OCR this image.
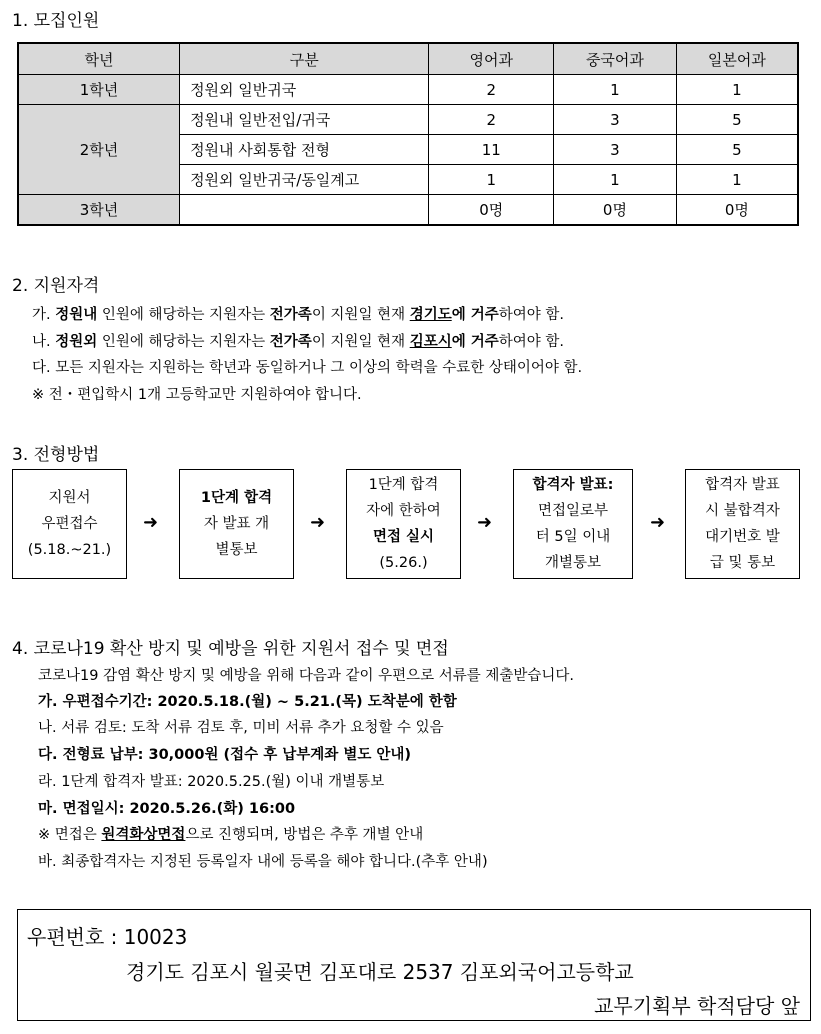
1. 모집인원
학년	구분	영어과	중국어과	일본어과
1학년	정원외 일반귀국	2	1	1
2학년	정원내 일반전입/귀국	2	3	5
	정원내 사회통합 전형	11	3	5
	정원외 일반귀국/동일계고	1	1	1
3학년		0명	0명	0명
2. 지원자격
가. 정원내 인원에 해당하는 지원자는 전가족이 지원일 현재 경기도에 거주하여야 함.
나. 정원외 인원에 해당하는 지원자는 전가족이 지원일 현재 김포시에 거주하여야 함.
다. 모든 지원자는 지원하는 학년과 동일하거나 그 이상의 학력을 수료한 상태이어야 함.
※ 전・편입학시 1개 고등학교만 지원하여야 합니다.
3. 전형방법
지원서
우편접수
(5.18.~21.)
➜
1단계 합격
자 발표 개
별통보
➜
1단계 합격
자에 한하여
면접 실시
(5.26.)
➜
합격자 발표:
면접일로부
터 5일 이내
개별통보
➜
합격자 발표
시 불합격자
대기번호 발
급 및 통보
4. 코로나19 확산 방지 및 예방을 위한 지원서 접수 및 면접
코로나19 감염 확산 방지 및 예방을 위해 다음과 같이 우편으로 서류를 제출받습니다.
가. 우편접수기간: 2020.5.18.(월) ~ 5.21.(목) 도착분에 한함
나. 서류 검토: 도착 서류 검토 후, 미비 서류 추가 요청할 수 있음
다. 전형료 납부: 30,000원 (접수 후 납부계좌 별도 안내)
라. 1단계 합격자 발표: 2020.5.25.(월) 이내 개별통보
마. 면접일시: 2020.5.26.(화) 16:00
※ 면접은 원격화상면접으로 진행되며, 방법은 추후 개별 안내
바. 최종합격자는 지정된 등록일자 내에 등록을 해야 합니다.(추후 안내)
우편번호 : 10023
경기도 김포시 월곶면 김포대로 2537 김포외국어고등학교
교무기획부 학적담당 앞
